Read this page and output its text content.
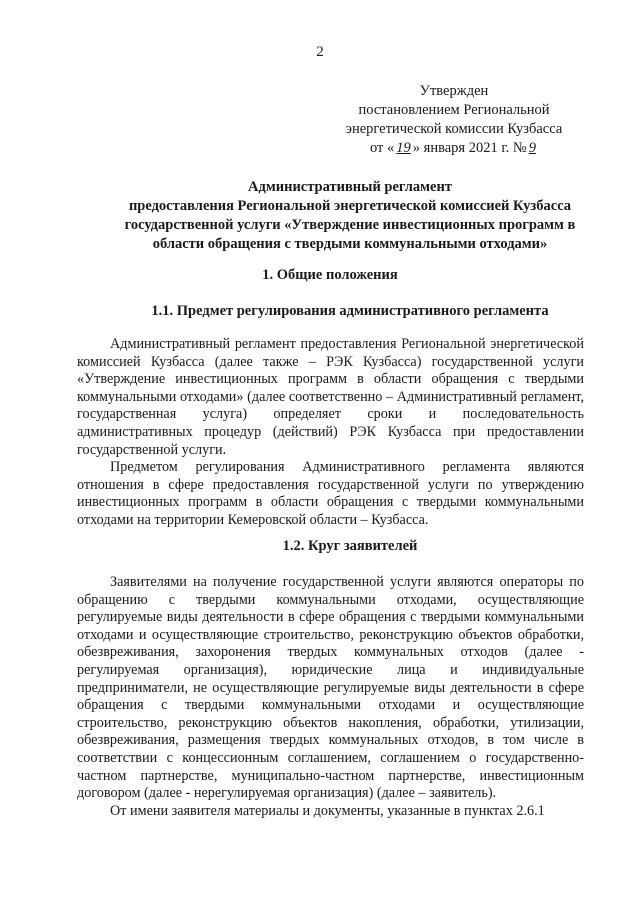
2
Утвержден
постановлением Региональной
энергетической комиссии Кузбасса
от « 19 » января 2021 г. № 9
Административный регламент
предоставления Региональной энергетической комиссией Кузбасса
государственной услуги «Утверждение инвестиционных программ в
области обращения с твердыми коммунальными отходами»
1. Общие положения
1.1. Предмет регулирования административного регламента

Административный регламент предоставления Региональной энергетической комиссией Кузбасса (далее также – РЭК Кузбасса) государственной услуги «Утверждение инвестиционных программ в области обращения с твердыми коммунальными отходами» (далее соответственно – Административный регламент, государственная услуга) определяет сроки и последовательность административных процедур (действий) РЭК Кузбасса при предоставлении государственной услуги.

Предметом регулирования Административного регламента являются отношения в сфере предоставления государственной услуги по утверждению инвестиционных программ в области обращения с твердыми коммунальными отходами на территории Кемеровской области – Кузбасса.

1.2. Круг заявителей

Заявителями на получение государственной услуги являются операторы по обращению с твердыми коммунальными отходами, осуществляющие регулируемые виды деятельности в сфере обращения с твердыми коммунальными отходами и осуществляющие строительство, реконструкцию объектов обработки, обезвреживания, захоронения твердых коммунальных отходов (далее - регулируемая организация), юридические лица и индивидуальные предприниматели, не осуществляющие регулируемые виды деятельности в сфере обращения с твердыми коммунальными отходами и осуществляющие строительство, реконструкцию объектов накопления, обработки, утилизации, обезвреживания, размещения твердых коммунальных отходов, в том числе в соответствии с концессионным соглашением, соглашением о государственно-частном партнерстве, муниципально-частном партнерстве, инвестиционным договором (далее - нерегулируемая организация) (далее – заявитель).

От имени заявителя материалы и документы, указанные в пунктах 2.6.1
